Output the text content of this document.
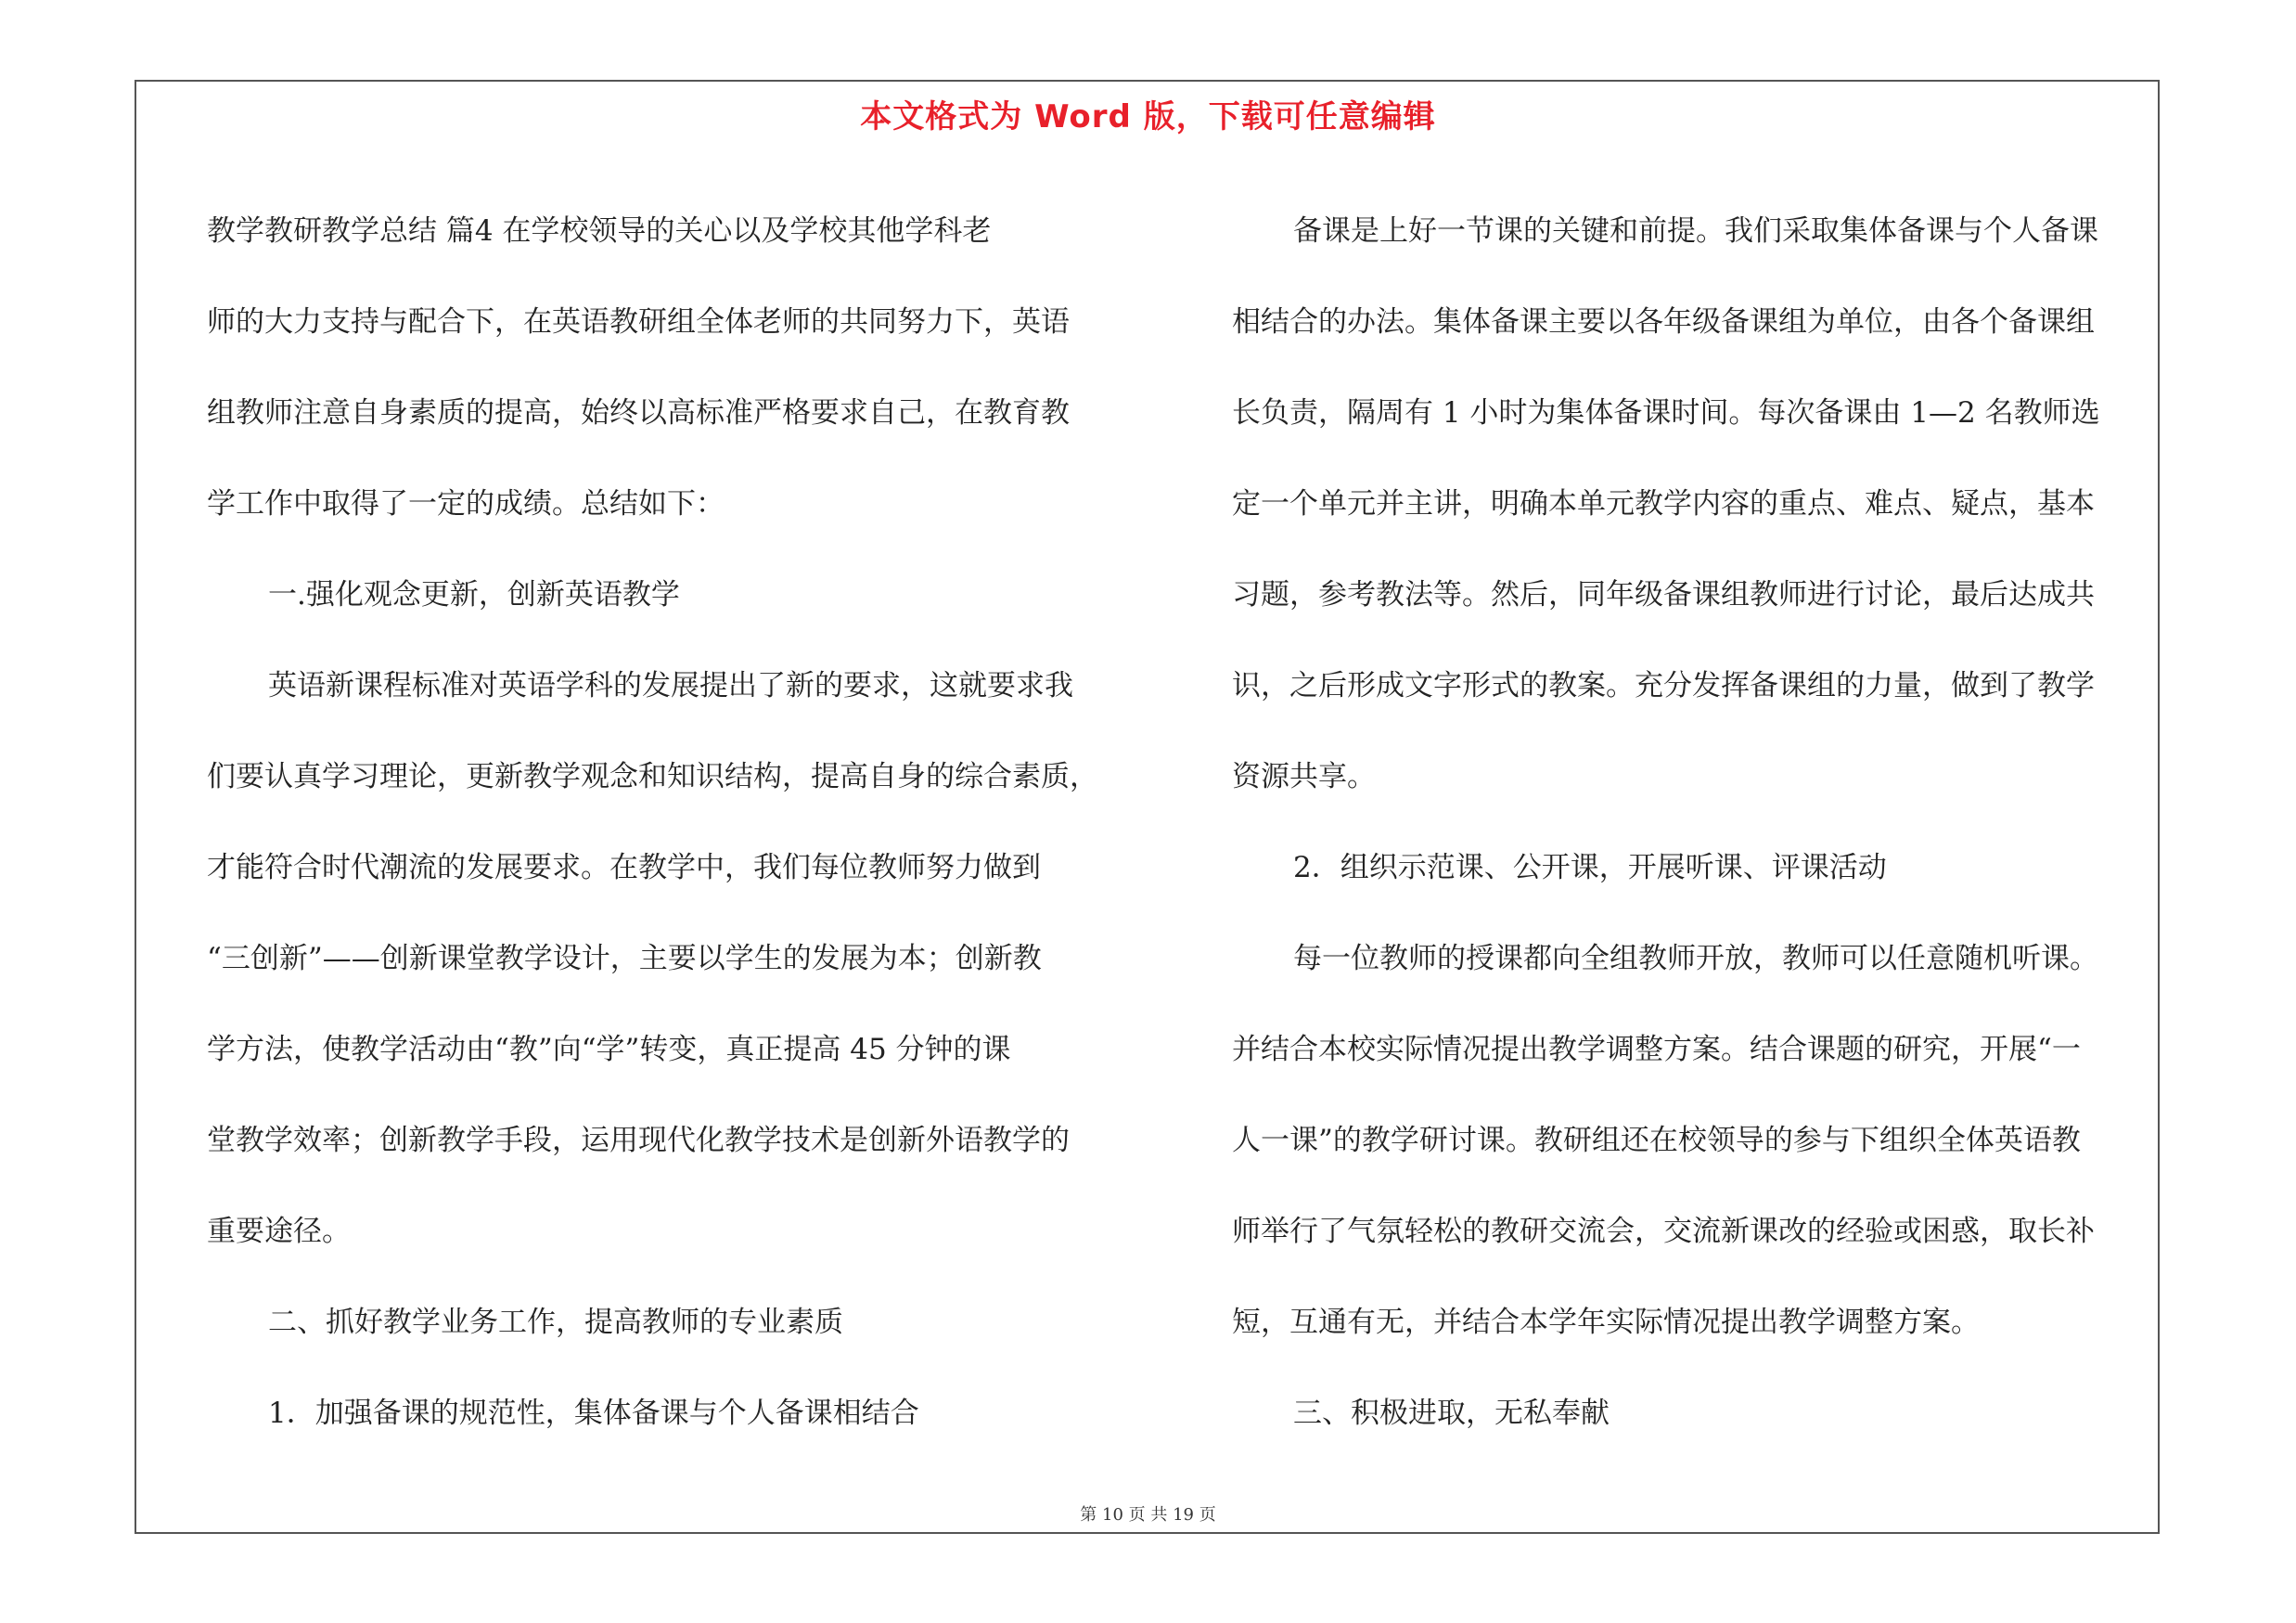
本文格式为 Word 版，下载可任意编辑
教学教研教学总结 篇4 在学校领导的关心以及学校其他学科老
师的大力支持与配合下，在英语教研组全体老师的共同努力下，英语
组教师注意自身素质的提高，始终以高标准严格要求自己，在教育教
学工作中取得了一定的成绩。总结如下：
一.强化观念更新，创新英语教学
英语新课程标准对英语学科的发展提出了新的要求，这就要求我
们要认真学习理论，更新教学观念和知识结构，提高自身的综合素质，
才能符合时代潮流的发展要求。在教学中，我们每位教师努力做到
“三创新”——创新课堂教学设计，主要以学生的发展为本；创新教
学方法，使教学活动由“教”向“学”转变，真正提高 45 分钟的课
堂教学效率；创新教学手段，运用现代化教学技术是创新外语教学的
重要途径。
二、抓好教学业务工作，提高教师的专业素质
1．加强备课的规范性，集体备课与个人备课相结合
备课是上好一节课的关键和前提。我们采取集体备课与个人备课
相结合的办法。集体备课主要以各年级备课组为单位，由各个备课组
长负责，隔周有 1 小时为集体备课时间。每次备课由 1—2 名教师选
定一个单元并主讲，明确本单元教学内容的重点、难点、疑点，基本
习题，参考教法等。然后，同年级备课组教师进行讨论，最后达成共
识，之后形成文字形式的教案。充分发挥备课组的力量，做到了教学
资源共享。
2．组织示范课、公开课，开展听课、评课活动
每一位教师的授课都向全组教师开放，教师可以任意随机听课。
并结合本校实际情况提出教学调整方案。结合课题的研究，开展“一
人一课”的教学研讨课。教研组还在校领导的参与下组织全体英语教
师举行了气氛轻松的教研交流会，交流新课改的经验或困惑，取长补
短，互通有无，并结合本学年实际情况提出教学调整方案。
三、积极进取，无私奉献
第 10 页 共 19 页
